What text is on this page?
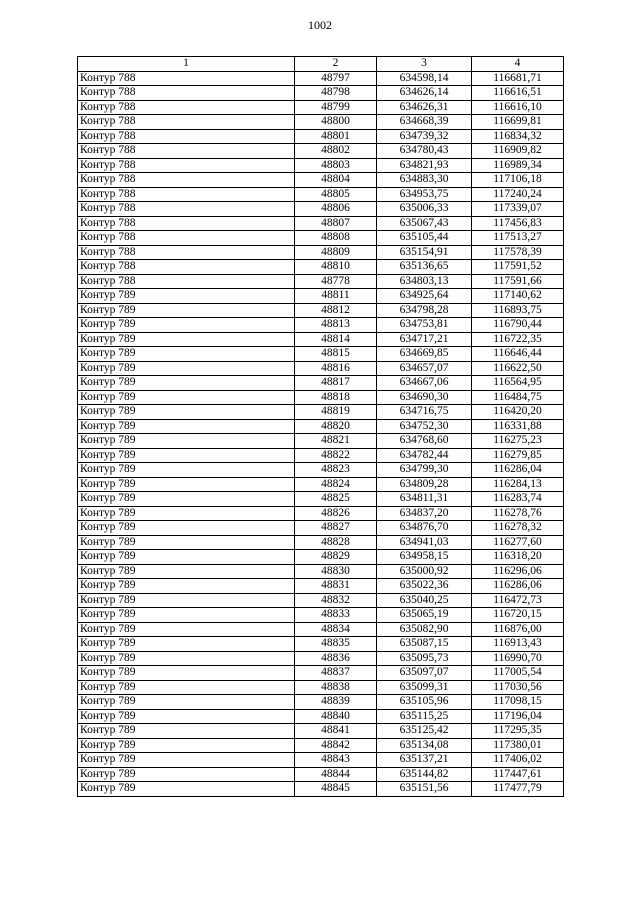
1002
1	2	3	4
Контур 788	48797	634598,14	116681,71
Контур 788	48798	634626,14	116616,51
Контур 788	48799	634626,31	116616,10
Контур 788	48800	634668,39	116699,81
Контур 788	48801	634739,32	116834,32
Контур 788	48802	634780,43	116909,82
Контур 788	48803	634821,93	116989,34
Контур 788	48804	634883,30	117106,18
Контур 788	48805	634953,75	117240,24
Контур 788	48806	635006,33	117339,07
Контур 788	48807	635067,43	117456,83
Контур 788	48808	635105,44	117513,27
Контур 788	48809	635154,91	117578,39
Контур 788	48810	635136,65	117591,52
Контур 788	48778	634803,13	117591,66
Контур 789	48811	634925,64	117140,62
Контур 789	48812	634798,28	116893,75
Контур 789	48813	634753,81	116790,44
Контур 789	48814	634717,21	116722,35
Контур 789	48815	634669,85	116646,44
Контур 789	48816	634657,07	116622,50
Контур 789	48817	634667,06	116564,95
Контур 789	48818	634690,30	116484,75
Контур 789	48819	634716,75	116420,20
Контур 789	48820	634752,30	116331,88
Контур 789	48821	634768,60	116275,23
Контур 789	48822	634782,44	116279,85
Контур 789	48823	634799,30	116286,04
Контур 789	48824	634809,28	116284,13
Контур 789	48825	634811,31	116283,74
Контур 789	48826	634837,20	116278,76
Контур 789	48827	634876,70	116278,32
Контур 789	48828	634941,03	116277,60
Контур 789	48829	634958,15	116318,20
Контур 789	48830	635000,92	116296,06
Контур 789	48831	635022,36	116286,06
Контур 789	48832	635040,25	116472,73
Контур 789	48833	635065,19	116720,15
Контур 789	48834	635082,90	116876,00
Контур 789	48835	635087,15	116913,43
Контур 789	48836	635095,73	116990,70
Контур 789	48837	635097,07	117005,54
Контур 789	48838	635099,31	117030,56
Контур 789	48839	635105,96	117098,15
Контур 789	48840	635115,25	117196,04
Контур 789	48841	635125,42	117295,35
Контур 789	48842	635134,08	117380,01
Контур 789	48843	635137,21	117406,02
Контур 789	48844	635144,82	117447,61
Контур 789	48845	635151,56	117477,79
